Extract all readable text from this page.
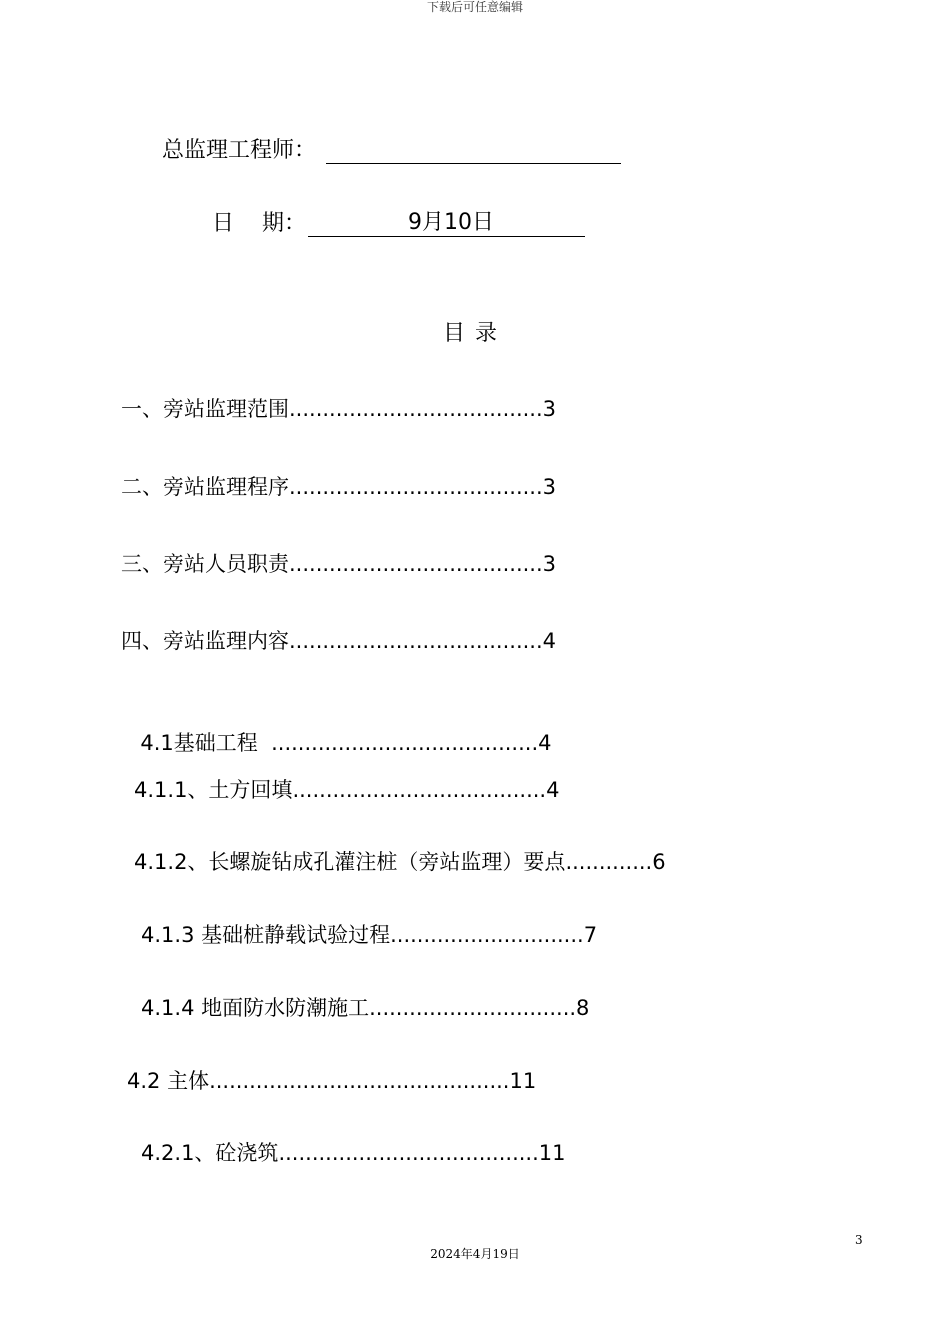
下载后可任意编辑
总监理工程师：
日    期：	9月10日
目录
一、旁站监理范围......................................3
二、旁站监理程序......................................3
三、旁站人员职责......................................3
四、旁站监理内容......................................4

4.1基础工程  ........................................4

4.1.1、土方回填......................................4
4.1.2、长螺旋钻成孔灌注桩（旁站监理）要点.............6
4.1.3 基础桩静载试验过程.............................7
4.1.4 地面防水防潮施工...............................8
4.2 主体.............................................11
4.2.1、砼浇筑.......................................11
3
2024年4月19日
